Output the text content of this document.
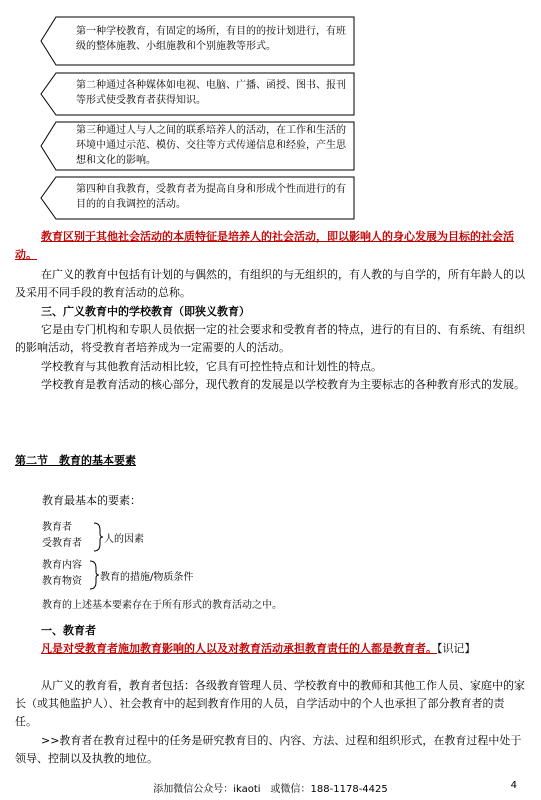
第一种学校教育，有固定的场所，有目的的按计划进行，有班级的整体施教、小组施教和个别施教等形式。
第二种通过各种媒体如电视、电脑、广播、函授、图书、报刊等形式使受教育者获得知识。
第三种通过人与人之间的联系培养人的活动，在工作和生活的环境中通过示范、模仿、交往等方式传递信息和经验，产生思想和文化的影响。
第四种自我教育，受教育者为提高自身和形成个性而进行的有目的的自我调控的活动。
教育区别于其他社会活动的本质特征是培养人的社会活动，即以影响人的身心发展为目标的社会活动。
在广义的教育中包括有计划的与偶然的，有组织的与无组织的，有人教的与自学的，所有年龄人的以及采用不同手段的教育活动的总称。
三、广义教育中的学校教育（即狭义教育）
它是由专门机构和专职人员依据一定的社会要求和受教育者的特点，进行的有目的、有系统、有组织的影响活动，将受教育者培养成为一定需要的人的活动。
学校教育与其他教育活动相比较，它具有可控性特点和计划性的特点。
学校教育是教育活动的核心部分，现代教育的发展是以学校教育为主要标志的各种教育形式的发展。
第二节　教育的基本要素
教育最基本的要素：
教育者
受教育者 人的因素
教育内容
教育物资 教育的措施/物质条件
教育的上述基本要素存在于所有形式的教育活动之中。
一、教育者
凡是对受教育者施加教育影响的人以及对教育活动承担教育责任的人都是教育者。【识记】
从广义的教育看，教育者包括：各级教育管理人员、学校教育中的教师和其他工作人员、家庭中的家长（或其他监护人）、社会教育中的起到教育作用的人员，自学活动中的个人也承担了部分教育者的责任。
>>教育者在教育过程中的任务是研究教育目的、内容、方法、过程和组织形式，在教育过程中处于领导、控制以及执教的地位。
添加微信公众号：ikaoti　或微信：188-1178-4425	4
